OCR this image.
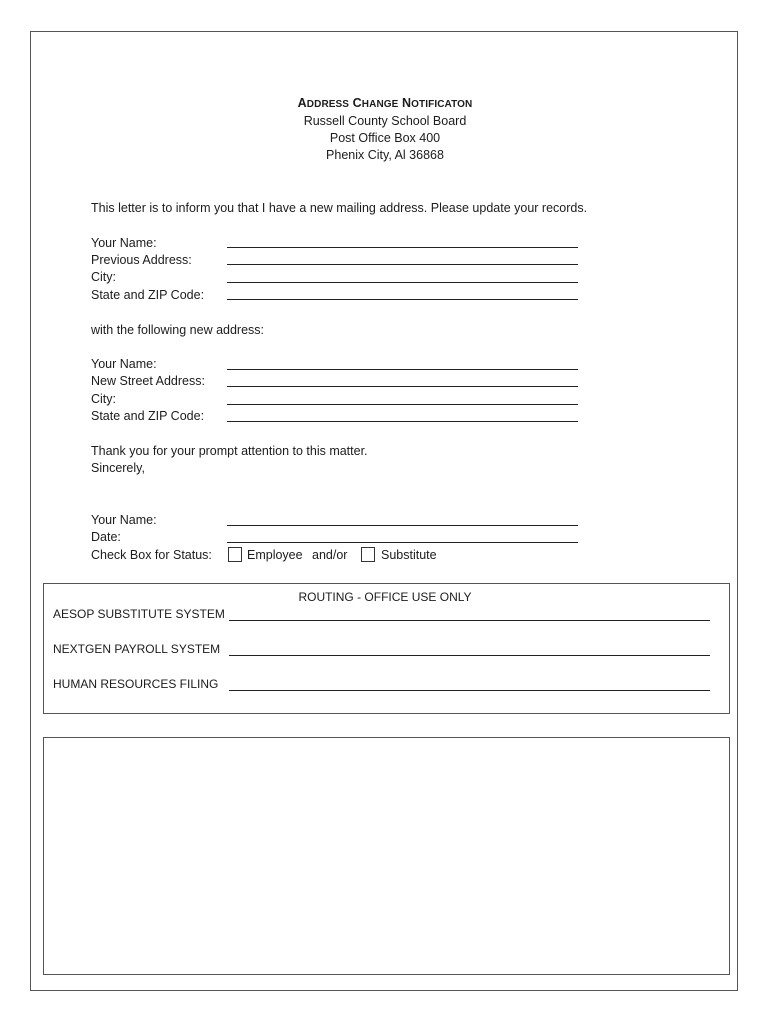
ADDRESS CHANGE NOTIFICATON
Russell County School Board
Post Office Box 400
Phenix City, Al 36868
This letter is to inform you that I have a new mailing address. Please update your records.
Your Name:
Previous Address:
City:
State and ZIP Code:
with the following new address:
Your Name:
New Street Address:
City:
State and ZIP Code:
Thank you for your prompt attention to this matter.
Sincerely,
Your Name:
Date:
Check Box for Status:	Employee and/or	Substitute
ROUTING - OFFICE USE ONLY
AESOP SUBSTITUTE SYSTEM
NEXTGEN PAYROLL SYSTEM
HUMAN RESOURCES FILING
